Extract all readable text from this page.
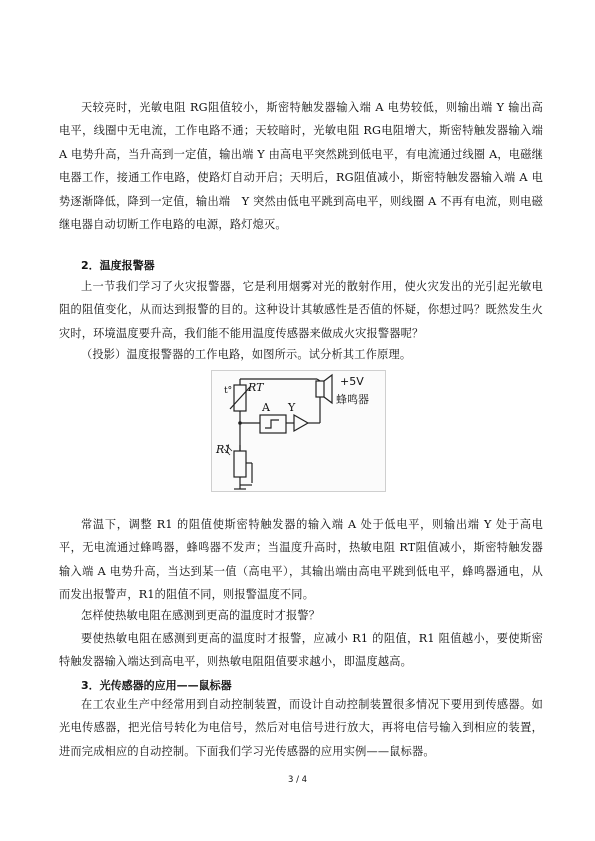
天较亮时，光敏电阻 RG阻值较小，斯密特触发器输入端 A 电势较低，则输出端 Y 输出高电平，线圈中无电流，工作电路不通；天较暗时，光敏电阻 RG电阻增大，斯密特触发器输入端 A 电势升高，当升高到一定值，输出端 Y 由高电平突然跳到低电平，有电流通过线圈 A，电磁继电器工作，接通工作电路，使路灯自动开启；天明后，RG阻值减小，斯密特触发器输入端 A 电势逐渐降低，降到一定值，输出端　Y 突然由低电平跳到高电平，则线圈 A 不再有电流，则电磁继电器自动切断工作电路的电源，路灯熄灭。

2．温度报警器

上一节我们学习了火灾报警器，它是利用烟雾对光的散射作用，使火灾发出的光引起光敏电阻的阻值变化，从而达到报警的目的。这种设计其敏感性是否值的怀疑，你想过吗？既然发生火灾时，环境温度要升高，我们能不能用温度传感器来做成火灾报警器呢？

（投影）温度报警器的工作电路，如图所示。试分析其工作原理。

t° RT	+5V
A Y
蜂鸣器
R1

常温下，调整 R1 的阻值使斯密特触发器的输入端 A 处于低电平，则输出端 Y 处于高电平，无电流通过蜂鸣器，蜂鸣器不发声；当温度升高时，热敏电阻 RT阻值减小，斯密特触发器输入端 A 电势升高，当达到某一值（高电平），其输出端由高电平跳到低电平，蜂鸣器通电，从而发出报警声，R1的阻值不同，则报警温度不同。

怎样使热敏电阻在感测到更高的温度时才报警？

要使热敏电阻在感测到更高的温度时才报警，应减小 R1 的阻值，R1 阻值越小，要使斯密特触发器输入端达到高电平，则热敏电阻阻值要求越小，即温度越高。

3．光传感器的应用——鼠标器

在工农业生产中经常用到自动控制装置，而设计自动控制装置很多情况下要用到传感器。如光电传感器，把光信号转化为电信号，然后对电信号进行放大，再将电信号输入到相应的装置，进而完成相应的自动控制。下面我们学习光传感器的应用实例——鼠标器。

3 / 4
